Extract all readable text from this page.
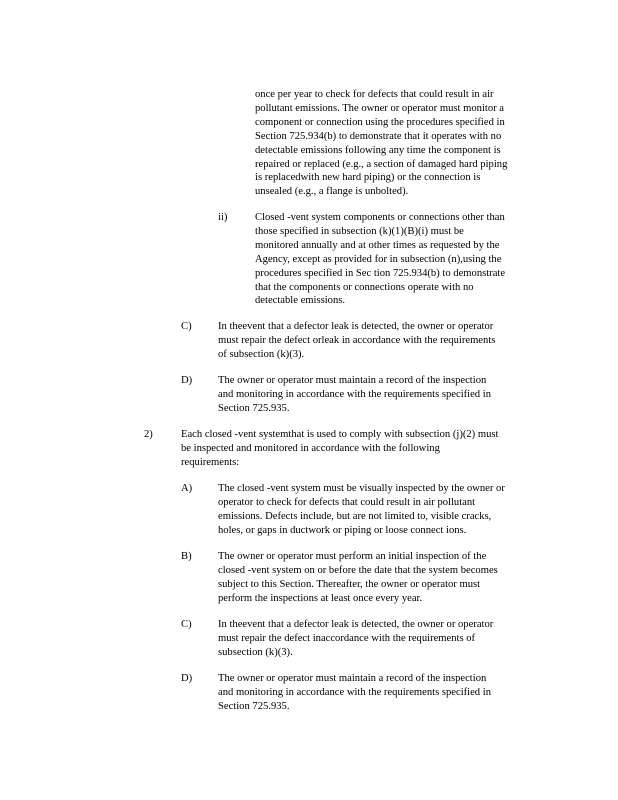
once per year to check for defects that could result in air
pollutant emissions. The owner or operator must monitor a
component or connection using the procedures specified in
Section 725.934(b) to demonstrate that it operates with no
detectable emissions following any time the component is
repaired or replaced (e.g., a section of damaged hard piping
is replacedwith new hard piping) or the connection is
unsealed (e.g., a flange is unbolted).
ii)	Closed -vent system components or connections other than
those specified in subsection (k)(1)(B)(i) must be
monitored annually and at other times as requested by the
Agency, except as provided for in subsection (n),using the
procedures specified in Sec tion 725.934(b) to demonstrate
that the components or connections operate with no
detectable emissions.
C) In theevent that a defector leak is detected, the owner or operator
must repair the defect orleak in accordance with the requirements
of subsection (k)(3).
D) The owner or operator must maintain a record of the inspection
and monitoring in accordance with the requirements specified in
Section 725.935.
2)	Each closed -vent systemthat is used to comply with subsection (j)(2) must
be inspected and monitored in accordance with the following
requirements:
A) The closed -vent system must be visually inspected by the owner or
operator to check for defects that could result in air pollutant
emissions. Defects include, but are not limited to, visible cracks,
holes, or gaps in ductwork or piping or loose connect ions.
B) The owner or operator must perform an initial inspection of the
closed -vent system on or before the date that the system becomes
subject to this Section. Thereafter, the owner or operator must
perform the inspections at least once every year.
C) In theevent that a defector leak is detected, the owner or operator
must repair the defect inaccordance with the requirements of
subsection (k)(3).
D) The owner or operator must maintain a record of the inspection
and monitoring in accordance with the requirements specified in
Section 725.935.
